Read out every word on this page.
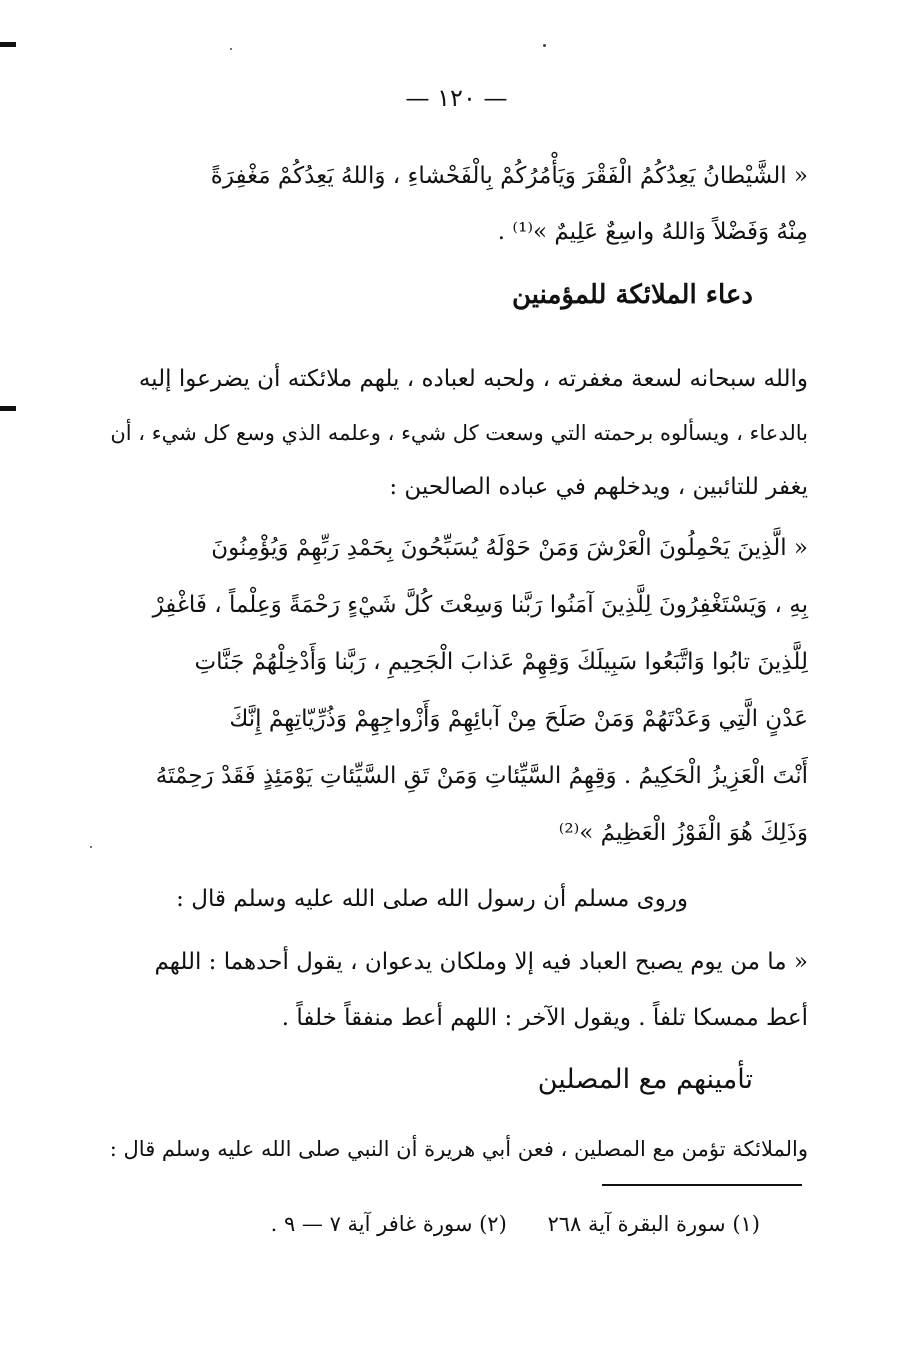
— ١٢٠ —
« الشَّيْطانُ يَعِدُكُمُ الْفَقْرَ وَيَأْمُرُكُمْ بِالْفَحْشاءِ ، وَاللهُ يَعِدُكُمْ مَغْفِرَةً
مِنْهُ وَفَضْلاً وَاللهُ واسِعٌ عَلِيمٌ »⁽¹⁾ .
دعاء الملائكة للمؤمنين
والله سبحانه لسعة مغفرته ، ولحبه لعباده ، يلهم ملائكته أن يضرعوا إليه
بالدعاء ، ويسألوه برحمته التي وسعت كل شيء ، وعلمه الذي وسع كل شيء ، أن
يغفر للتائبين ، ويدخلهم في عباده الصالحين :
« الَّذِينَ يَحْمِلُونَ الْعَرْشَ وَمَنْ حَوْلَهُ يُسَبِّحُونَ بِحَمْدِ رَبِّهِمْ وَيُؤْمِنُونَ
بِهِ ، وَيَسْتَغْفِرُونَ لِلَّذِينَ آمَنُوا رَبَّنا وَسِعْتَ كُلَّ شَيْءٍ رَحْمَةً وَعِلْماً ، فَاغْفِرْ
لِلَّذِينَ تابُوا وَاتَّبَعُوا سَبِيلَكَ وَقِهِمْ عَذابَ الْجَحِيمِ ، رَبَّنا وَأَدْخِلْهُمْ جَنَّاتِ
عَدْنٍ الَّتِي وَعَدْتَهُمْ وَمَنْ صَلَحَ مِنْ آبائِهِمْ وَأَزْواجِهِمْ وَذُرِّيّاتِهِمْ إِنَّكَ
أَنْتَ الْعَزِيزُ الْحَكِيمُ . وَقِهِمُ السَّيِّئاتِ وَمَنْ تَقِ السَّيِّئاتِ يَوْمَئِذٍ فَقَدْ رَحِمْتَهُ
وَذَلِكَ هُوَ الْفَوْزُ الْعَظِيمُ »⁽²⁾
وروى مسلم أن رسول الله صلى الله عليه وسلم قال :
« ما من يوم يصبح العباد فيه إلا وملكان يدعوان ، يقول أحدهما : اللهم
أعط ممسكا تلفاً . ويقول الآخر : اللهم أعط منفقاً خلفاً .
تأمينهم مع المصلين
والملائكة تؤمن مع المصلين ، فعن أبي هريرة أن النبي صلى الله عليه وسلم قال :
(١) سورة البقرة آية ٢٦٨ (٢) سورة غافر آية ٧ — ٩ .
